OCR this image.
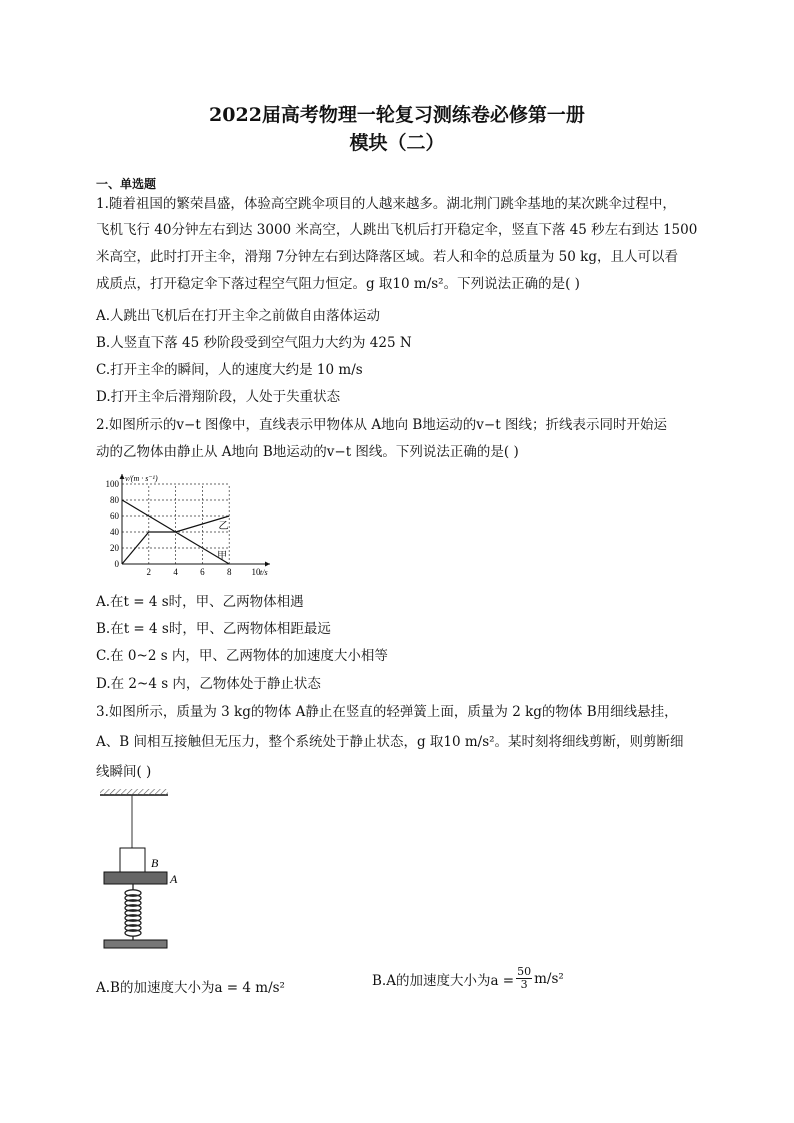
2022届高考物理一轮复习测练卷必修第一册
模块（二）
一、单选题
1.随着祖国的繁荣昌盛，体验高空跳伞项目的人越来越多。湖北荆门跳伞基地的某次跳伞过程中，
飞机飞行 40分钟左右到达 3000 米高空，人跳出飞机后打开稳定伞，竖直下落 45 秒左右到达 1500
米高空，此时打开主伞，滑翔 7分钟左右到达降落区域。若人和伞的总质量为 50 kg，且人可以看
成质点，打开稳定伞下落过程空气阻力恒定。g 取10 m/s²。下列说法正确的是( )
A.人跳出飞机后在打开主伞之前做自由落体运动
B.人竖直下落 45 秒阶段受到空气阻力大约为 425 N
C.打开主伞的瞬间，人的速度大约是 10 m/s
D.打开主伞后滑翔阶段，人处于失重状态
2.如图所示的v−t 图像中，直线表示甲物体从 A地向 B地运动的v−t 图线；折线表示同时开始运
动的乙物体由静止从 A地向 B地运动的v−t 图线。下列说法正确的是( )
2 4 6 8 10
0
20
40
60
80
100
v/(m · s⁻¹)
t/s
甲
乙
A.在t = 4 s时，甲、乙两物体相遇
B.在t = 4 s时，甲、乙两物体相距最远
C.在 0~2 s 内，甲、乙两物体的加速度大小相等
D.在 2~4 s 内，乙物体处于静止状态
3.如图所示，质量为 3 kg的物体 A静止在竖直的轻弹簧上面，质量为 2 kg的物体 B用细线悬挂，
A、B 间相互接触但无压力，整个系统处于静止状态，g 取10 m/s²。某时刻将细线剪断，则剪断细
线瞬间( )
B
A
A.B的加速度大小为a = 4 m/s²	B.A的加速度大小为$a = \frac{50}{3} m/s^2$
